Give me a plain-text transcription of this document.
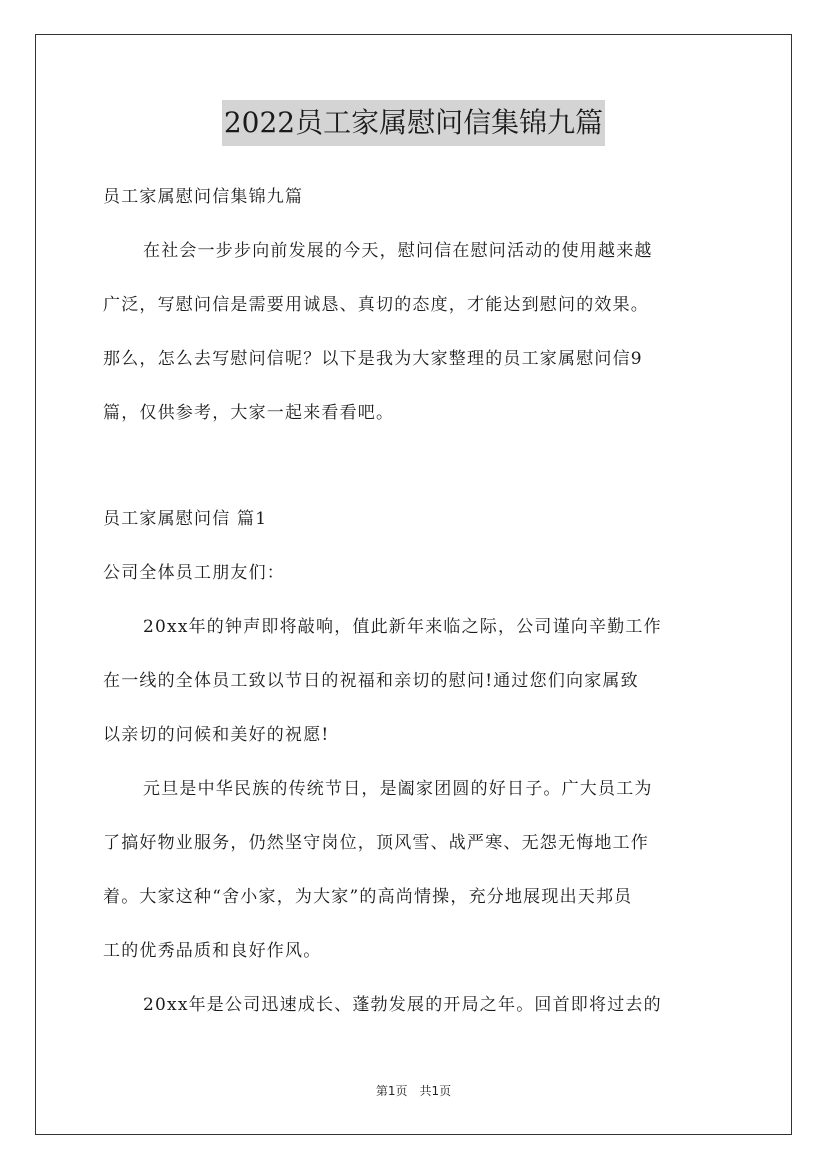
2022员工家属慰问信集锦九篇
员工家属慰问信集锦九篇
在社会一步步向前发展的今天，慰问信在慰问活动的使用越来越
广泛，写慰问信是需要用诚恳、真切的态度，才能达到慰问的效果。
那么，怎么去写慰问信呢？以下是我为大家整理的员工家属慰问信9
篇，仅供参考，大家一起来看看吧。
员工家属慰问信 篇1
公司全体员工朋友们：
20xx年的钟声即将敲响，值此新年来临之际，公司谨向辛勤工作
在一线的全体员工致以节日的祝福和亲切的慰问!通过您们向家属致
以亲切的问候和美好的祝愿!
元旦是中华民族的传统节日，是阖家团圆的好日子。广大员工为
了搞好物业服务，仍然坚守岗位，顶风雪、战严寒、无怨无悔地工作
着。大家这种“舍小家，为大家”的高尚情操，充分地展现出天邦员
工的优秀品质和良好作风。
20xx年是公司迅速成长、蓬勃发展的开局之年。回首即将过去的
第1页　共1页
